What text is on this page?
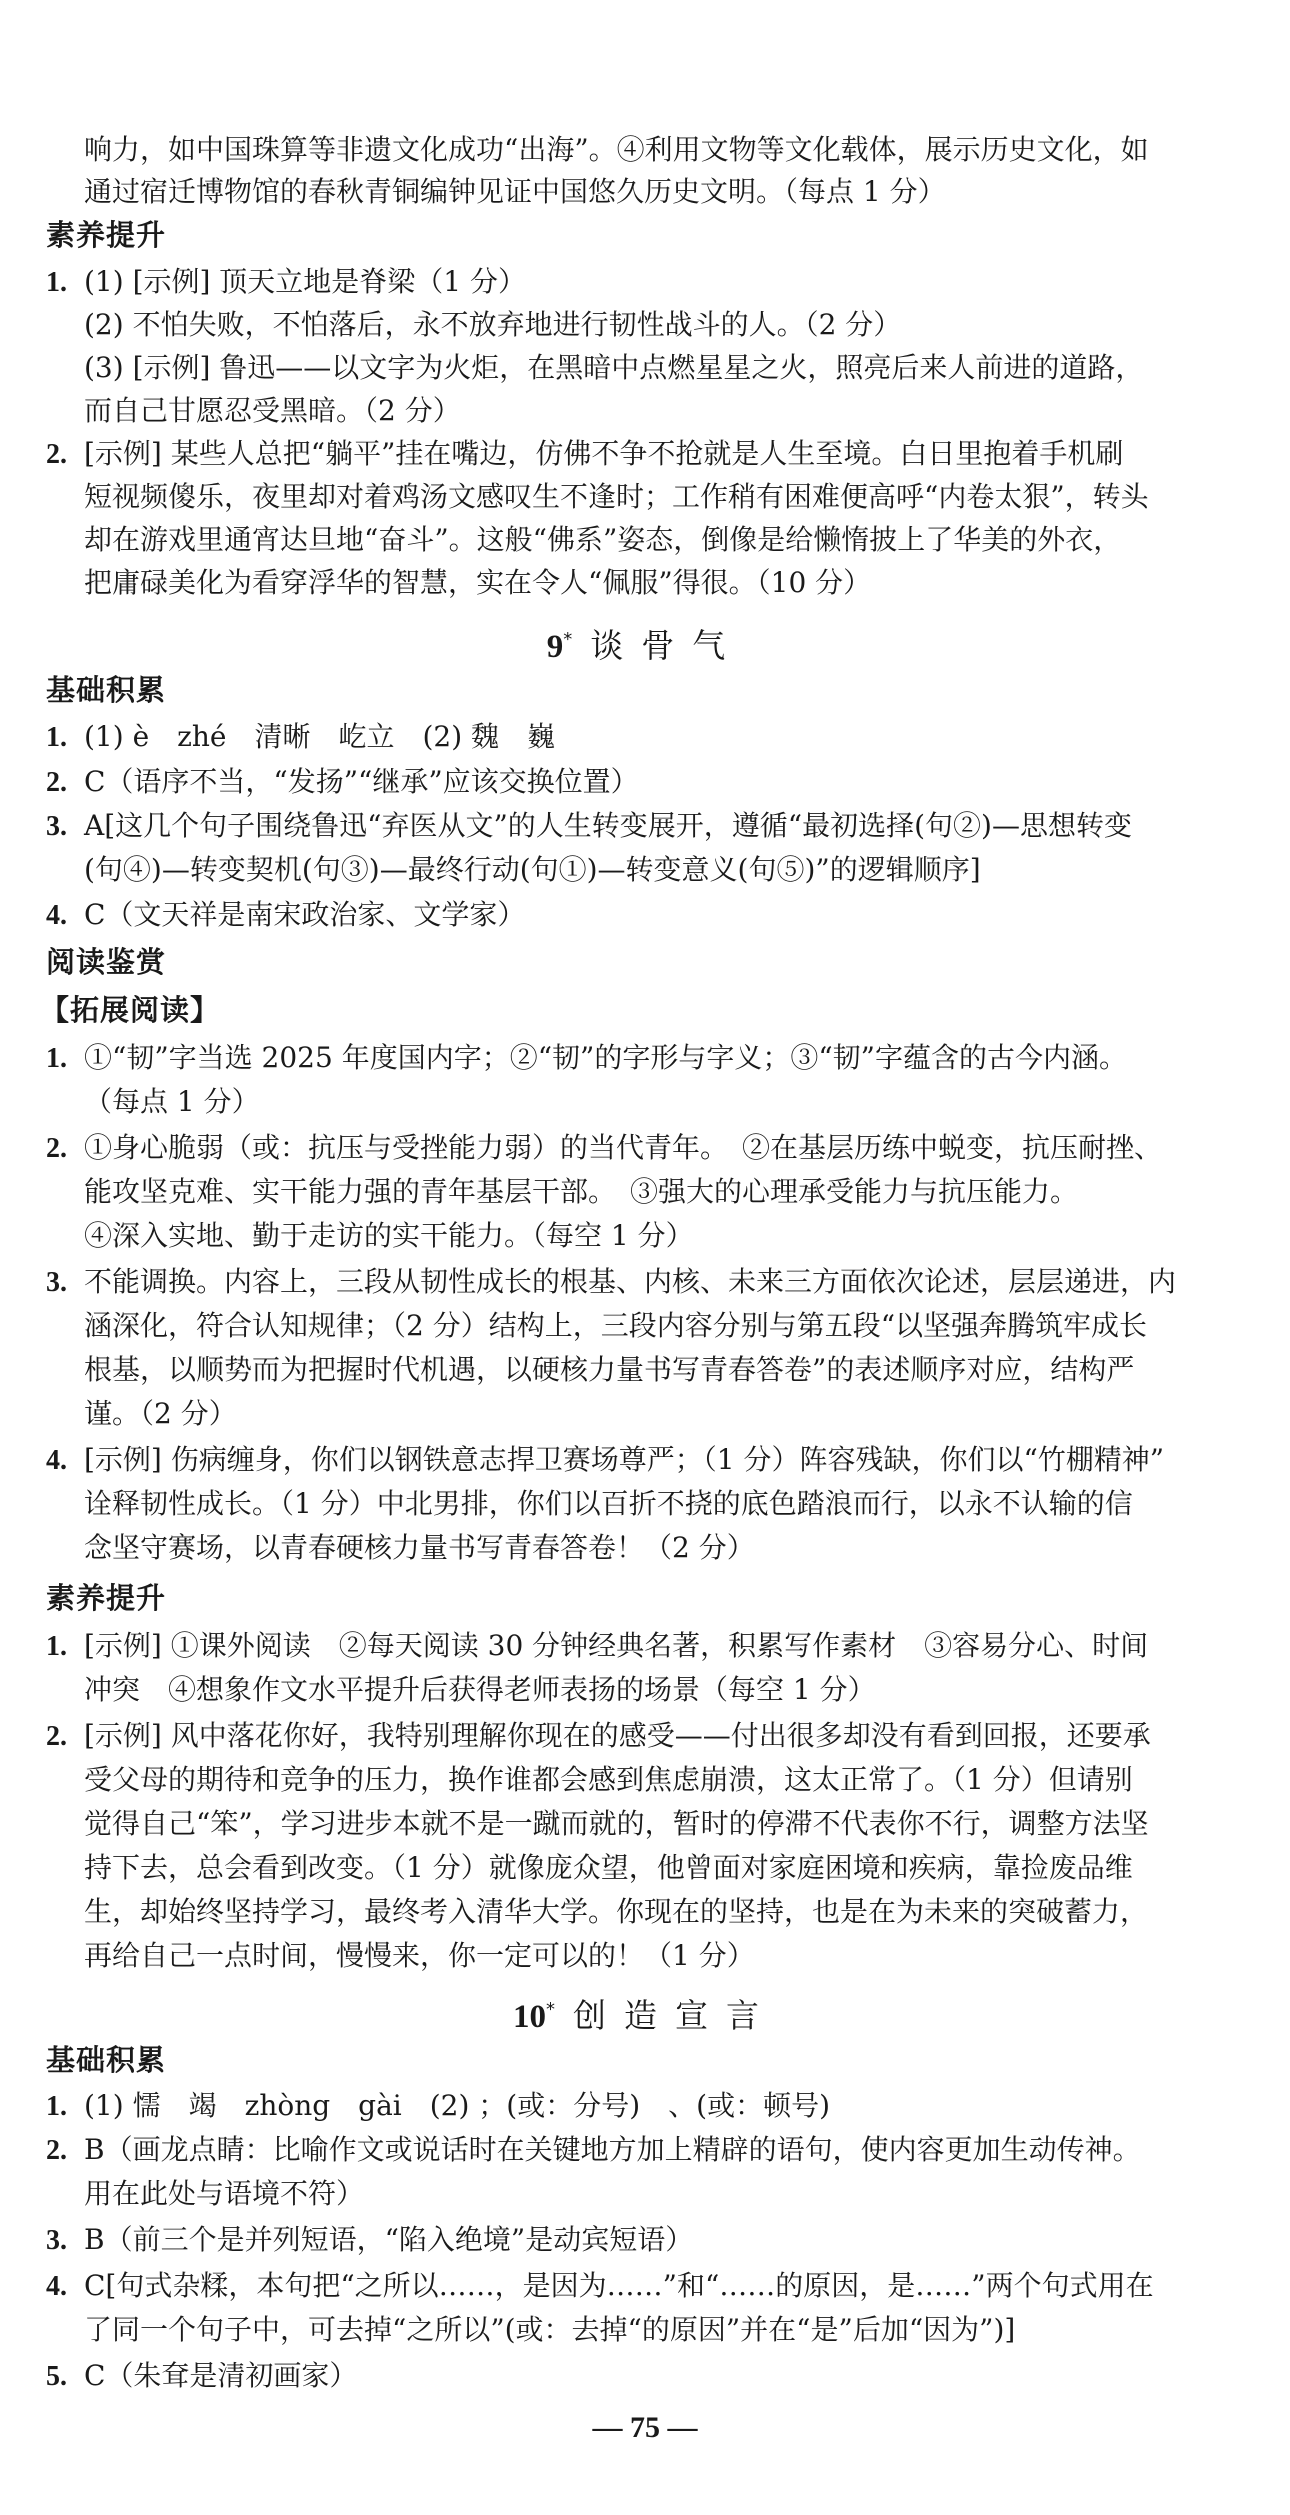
响力，如中国珠算等非遗文化成功“出海”。④利用文物等文化载体，展示历史文化，如
通过宿迁博物馆的春秋青铜编钟见证中国悠久历史文明。（每点 1 分）
素养提升
1. (1) [示例] 顶天立地是脊梁（1 分）
(2) 不怕失败，不怕落后，永不放弃地进行韧性战斗的人。（2 分）
(3) [示例] 鲁迅——以文字为火炬，在黑暗中点燃星星之火，照亮后来人前进的道路，
而自己甘愿忍受黑暗。（2 分）
2. [示例] 某些人总把“躺平”挂在嘴边，仿佛不争不抢就是人生至境。白日里抱着手机刷
短视频傻乐，夜里却对着鸡汤文感叹生不逢时；工作稍有困难便高呼“内卷太狠”，转头
却在游戏里通宵达旦地“奋斗”。这般“佛系”姿态，倒像是给懒惰披上了华美的外衣，
把庸碌美化为看穿浮华的智慧，实在令人“佩服”得很。（10 分）
9* 谈骨气
基础积累
1. (1) è　zhé　清晰　屹立　(2) 魏　巍
2. C（语序不当，“发扬”“继承”应该交换位置）
3. A[这几个句子围绕鲁迅“弃医从文”的人生转变展开，遵循“最初选择(句②)—思想转变
(句④)—转变契机(句③)—最终行动(句①)—转变意义(句⑤)”的逻辑顺序]
4. C（文天祥是南宋政治家、文学家）
阅读鉴赏
【拓展阅读】
1. ①“韧”字当选 2025 年度国内字；②“韧”的字形与字义；③“韧”字蕴含的古今内涵。
（每点 1 分）
2. ①身心脆弱（或：抗压与受挫能力弱）的当代青年。　②在基层历练中蜕变，抗压耐挫、
能攻坚克难、实干能力强的青年基层干部。　③强大的心理承受能力与抗压能力。
④深入实地、勤于走访的实干能力。（每空 1 分）
3. 不能调换。内容上，三段从韧性成长的根基、内核、未来三方面依次论述，层层递进，内
涵深化，符合认知规律；（2 分）结构上，三段内容分别与第五段“以坚强奔腾筑牢成长
根基，以顺势而为把握时代机遇，以硬核力量书写青春答卷”的表述顺序对应，结构严
谨。（2 分）
4. [示例] 伤病缠身，你们以钢铁意志捍卫赛场尊严；（1 分）阵容残缺，你们以“竹棚精神”
诠释韧性成长。（1 分）中北男排，你们以百折不挠的底色踏浪而行，以永不认输的信
念坚守赛场，以青春硬核力量书写青春答卷！（2 分）
素养提升
1. [示例] ①课外阅读　②每天阅读 30 分钟经典名著，积累写作素材　③容易分心、时间
冲突　④想象作文水平提升后获得老师表扬的场景（每空 1 分）
2. [示例] 风中落花你好，我特别理解你现在的感受——付出很多却没有看到回报，还要承
受父母的期待和竞争的压力，换作谁都会感到焦虑崩溃，这太正常了。（1 分）但请别
觉得自己“笨”，学习进步本就不是一蹴而就的，暂时的停滞不代表你不行，调整方法坚
持下去，总会看到改变。（1 分）就像庞众望，他曾面对家庭困境和疾病，靠捡废品维
生，却始终坚持学习，最终考入清华大学。你现在的坚持，也是在为未来的突破蓄力，
再给自己一点时间，慢慢来，你一定可以的！（1 分）
10* 创造宣言
基础积累
1. (1) 懦　竭　zhòng　gài　(2) ；(或：分号)　、(或：顿号)
2. B（画龙点睛：比喻作文或说话时在关键地方加上精辟的语句，使内容更加生动传神。
用在此处与语境不符）
3. B（前三个是并列短语，“陷入绝境”是动宾短语）
4. C[句式杂糅，本句把“之所以……，是因为……”和“……的原因，是……”两个句式用在
了同一个句子中，可去掉“之所以”(或：去掉“的原因”并在“是”后加“因为”)]
5. C（朱耷是清初画家）
— 75 —
